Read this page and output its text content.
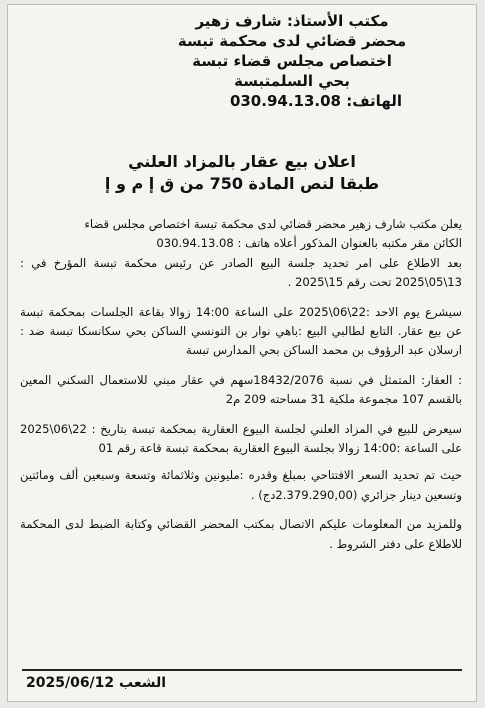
مكتب الأستاذ: شارف زهير
محضر قضائي لدى محكمة تبسة
اختصاص مجلس قضاء تبسة
بحي السلمتبسة
الهاتف: 030.94.13.08
اعلان بيع عقار بالمزاد العلني
طبقا لنص المادة 750 من ق إ م و إ

يعلن مكتب شارف زهير محضر قضائي لدى محكمة تبسة اختصاص مجلس قضاء

الكائن مقر مكتبه بالعنوان المذكور أعلاه هاتف : 030.94.13.08

بعد الاطلاع على امر تحديد جلسة البيع الصادر عن رئيس محكمة تبسة المؤرخ في : 13\05\2025 تحت رقم 15\2025 .

سيشرع يوم الاحد :22\06\2025 على الساعة 14:00 زوالا بقاعة الجلسات بمحكمة تبسة عن بيع عقار. التابع لطالبي البيع :باهي نوار بن التونسي الساكن بحي سكانسكا تبسة ضد : ارسلان عبد الرؤوف بن محمد الساكن بحي المدارس تبسة

: العقار: المتمثل في نسبة 18432/2076سهم في عقار مبني للاستعمال السكني المعين بالقسم 107 مجموعة ملكية 31 مساحته 209 م2

سيعرض للبيع في المزاد العلني لجلسة البيوع العقارية بمحكمة تبسة بتاريخ : 22\06\2025 على الساعة :14:00 زوالا بجلسة البيوع العقارية بمحكمة تبسة قاعة رقم 01

حيث تم تحديد السعر الافتتاحي بمبلغ وقدره :مليونين وثلاثمائة وتسعة وسبعين ألف ومائتين وتسعين دينار جزائري (2.379.290,00دج) .

وللمزيد من المعلومات عليكم الاتصال بمكتب المحضر القضائي وكتابة الضبط لدى المحكمة للاطلاع على دفتر الشروط .

الشعب 2025/06/12
